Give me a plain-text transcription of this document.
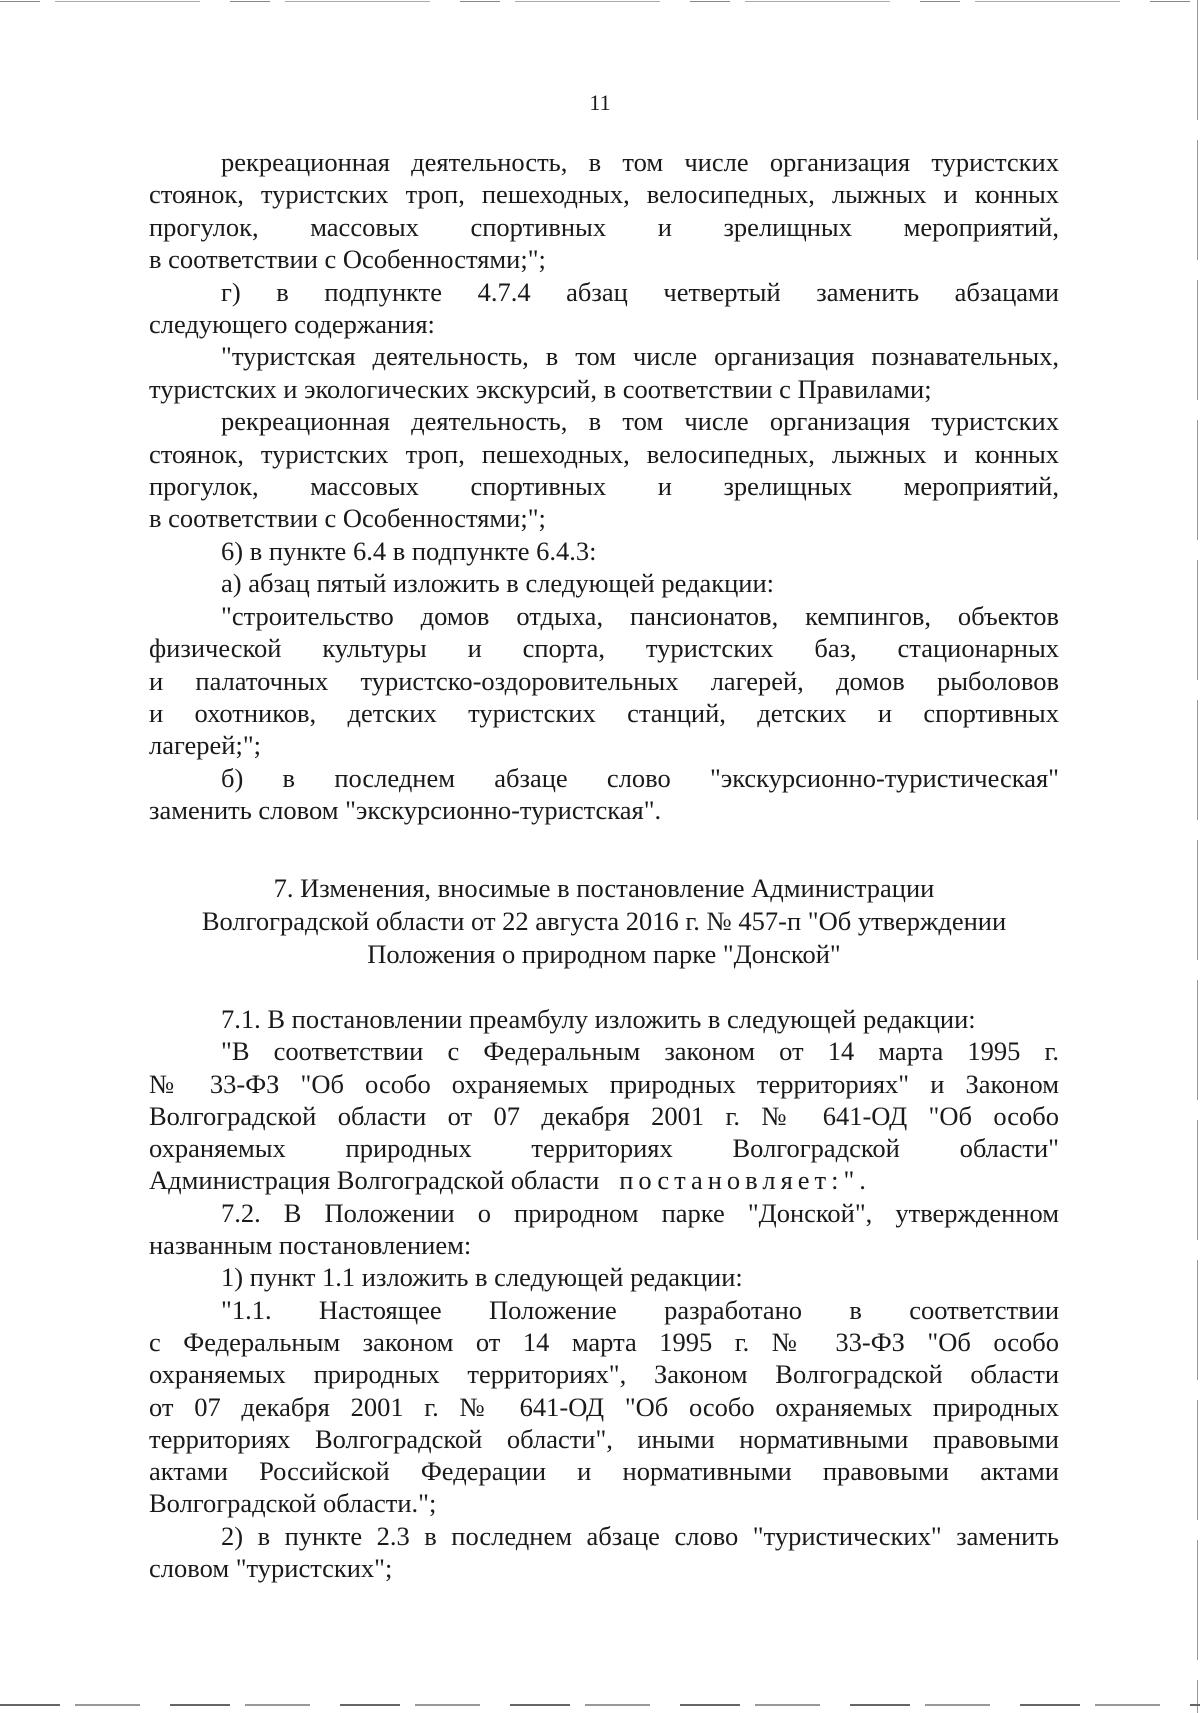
11

рекреационная деятельность, в том числе организация туристских

стоянок, туристских троп, пешеходных, велосипедных, лыжных и конных

прогулок, массовых спортивных и зрелищных мероприятий,

в соответствии с Особенностями;";

г) в подпункте 4.7.4 абзац четвертый заменить абзацами

следующего содержания:

"туристская деятельность, в том числе организация познавательных,

туристских и экологических экскурсий, в соответствии с Правилами;

рекреационная деятельность, в том числе организация туристских

стоянок, туристских троп, пешеходных, велосипедных, лыжных и конных

прогулок, массовых спортивных и зрелищных мероприятий,

в соответствии с Особенностями;";

6) в пункте 6.4 в подпункте 6.4.3:

а) абзац пятый изложить в следующей редакции:

"строительство домов отдыха, пансионатов, кемпингов, объектов

физической культуры и спорта, туристских баз, стационарных

и палаточных туристско-оздоровительных лагерей, домов рыболовов

и охотников, детских туристских станций, детских и спортивных

лагерей;";

б) в последнем абзаце слово "экскурсионно-туристическая"

заменить словом "экскурсионно-туристская".

7. Изменения, вносимые в постановление Администрации

Волгоградской области от 22 августа 2016 г. № 457-п "Об утверждении

Положения о природном парке "Донской"

7.1. В постановлении преамбулу изложить в следующей редакции:

"В соответствии с Федеральным законом от 14 марта 1995 г.

№ 33-ФЗ "Об особо охраняемых природных территориях" и Законом

Волгоградской области от 07 декабря 2001 г. № 641-ОД "Об особо

охраняемых природных территориях Волгоградской области"

Администрация Волгоградской области постановляет:".

7.2. В Положении о природном парке "Донской", утвержденном

названным постановлением:

1) пункт 1.1 изложить в следующей редакции:

"1.1. Настоящее Положение разработано в соответствии

с Федеральным законом от 14 марта 1995 г. № 33-ФЗ "Об особо

охраняемых природных территориях", Законом Волгоградской области

от 07 декабря 2001 г. № 641-ОД "Об особо охраняемых природных

территориях Волгоградской области", иными нормативными правовыми

актами Российской Федерации и нормативными правовыми актами

Волгоградской области.";

2) в пункте 2.3 в последнем абзаце слово "туристических" заменить

словом "туристских";
